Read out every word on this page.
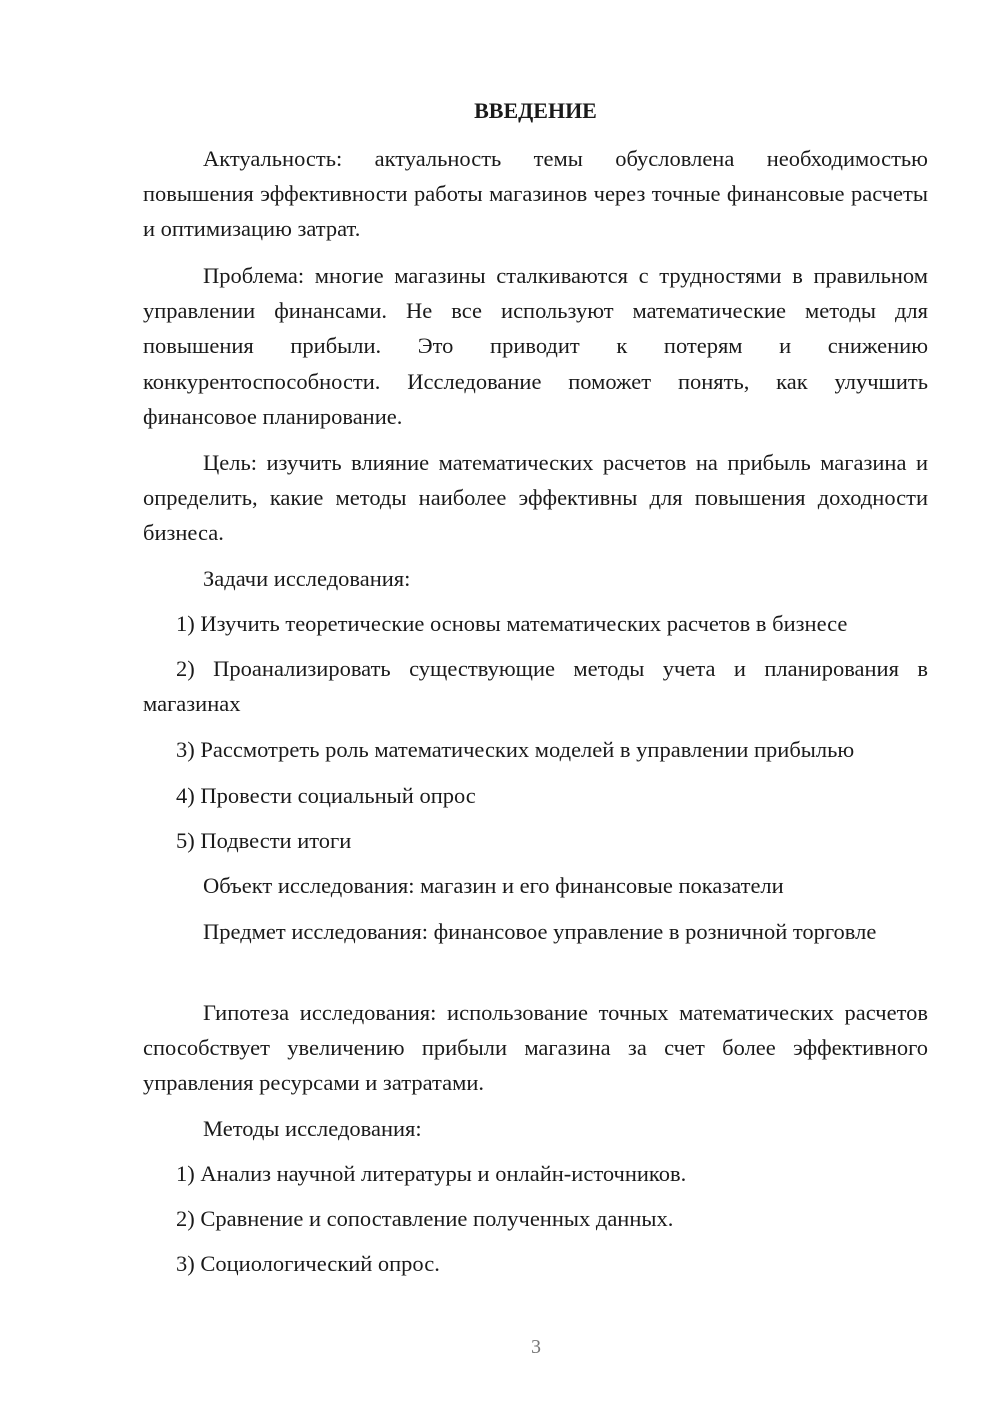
ВВЕДЕНИЕ

Актуальность: актуальность темы обусловлена необходимостью повышения эффективности работы магазинов через точные финансовые расчеты и оптимизацию затрат.

Проблема: многие магазины сталкиваются с трудностями в правильном управлении финансами. Не все используют математические методы для повышения прибыли. Это приводит к потерям и снижению конкурентоспособности. Исследование поможет понять, как улучшить финансовое планирование.

Цель: изучить влияние математических расчетов на прибыль магазина и определить, какие методы наиболее эффективны для повышения доходности бизнеса.

Задачи исследования:

1) Изучить теоретические основы математических расчетов в бизнесе

2) Проанализировать существующие методы учета и планирования в магазинах

3) Рассмотреть роль математических моделей в управлении прибылью

4) Провести социальный опрос

5) Подвести итоги

Объект исследования: магазин и его финансовые показатели

Предмет исследования: финансовое управление в розничной торговле

Гипотеза исследования: использование точных математических расчетов способствует увеличению прибыли магазина за счет более эффективного управления ресурсами и затратами.

Методы исследования:

1) Анализ научной литературы и онлайн-источников.

2) Сравнение и сопоставление полученных данных.

3) Социологический опрос.

3
